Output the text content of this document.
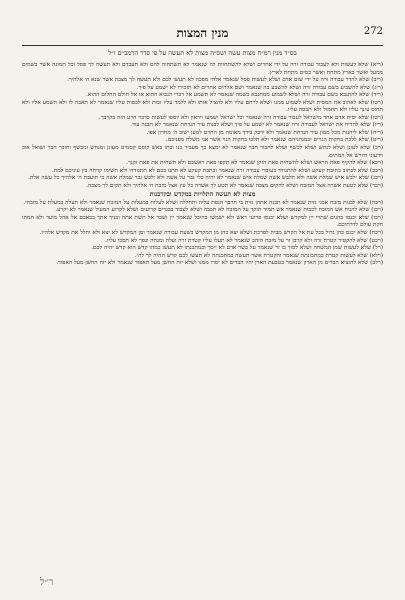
272
מנין המצות
בס״ד מנין רמ״ח מצות עשה ושס״ה מצות לא תעשה על פי סדר הרמב״ם ז״ל

(ריא) שלא לעשות ולא לעבוד עבודה זרה על ידי אחרים ושלא להשתחוות לה שנאמר לא תשתחוה להם ולא תעבדם ולא תעשה לך פסל וכל תמונה אשר בשמים ממעל ואשר בארץ מתחת ואשר במים מתחת לארץ.

(ריב) שלא להדר עבודה זרה על ידי שום אדם ושלא לעשות פסל שנאמר אלהי מסכה לא תעשו לכם ולא תעשה לך מצבה אשר שנא ה׳ אלהיך.

(ריג) שלא להשביע בשם עבודה זרה ושלא להשבע בה שנאמר ושם אלהים אחרים לא תזכירו לא ישמע על פיך.

(ריד) שלא להתנבא בשם עבודה זרה ושלא לשמוע ממתנבא בשמה שנאמר לא תשמע אל דברי הנביא ההוא או אל חולם החלום ההוא.

(רטו) שלא לאהוב את המסית ושלא לשמוע ממנו ושלא לרחם עליו ולא להציל אותו ולא ללמד עליו זכות ולא לכסות עליו שנאמר לא תאבה לו ולא תשמע אליו ולא תחוס עינך עליו ולא תחמול ולא תכסה עליו.

(רטז) שלא יסית אדם אחד מישראל לעבוד עבודה זרה שנאמר וכל ישראל ישמעו ויראון ולא יוספו לעשות כדבר הרע הזה בקרבך.

(ריז) שלא להדיח את ישראל לעבודה זרה שנאמר לא ישמע על פיך ושלא לבנות עיר הנדחת שנאמר לא תבנה עוד.

(ריח) שלא ליהנות מכל ממון עיר הנדחת שנאמר ולא ידבק בידך מאומה מן החרם למען ישוב ה׳ מחרון אפו.

(ריט) שלא ללכת בחקות הגויים ובמנהגיהם שנאמר ולא תלכו בחקות הגוי אשר אני משלח מפניכם.

(רכ) שלא לעונן ושלא לנחש ושלא לכשף ושלא לחבור חבר שנאמר לא ימצא בך מעביר בנו ובתו באש קוסם קסמים מעונן ומנחש ומכשף וחובר חבר ושואל אוב וידעוני ודורש אל המתים.

(רכא) שלא להקיף פאת הראש ושלא להשחית פאת הזקן שנאמר לא תקפו פאת ראשכם ולא תשחית את פאת זקנך.

(רכב) שלא לכתוב כתובת קעקע ושלא להתגודד כעובדי עבודה זרה שנאמר וכתבת קעקע לא תתנו בכם לא תתגודדו ולא תשימו קרחה בין עיניכם למת.

(רכג) שלא ילבש איש שמלת אשה ולא תלבש אשה שמלת איש שנאמר לא יהיה כלי גבר על אשה ולא ילבש גבר שמלת אשה כי תועבת ה׳ אלהיך כל עשה אלה.

(רכד) שלא לטעת אשרה אצל המזבח ושלא להקים מצבה שנאמר לא תטע לך אשרה כל עץ אצל מזבח ה׳ אלהיך ולא תקים לך מצבה.

מצות לא תעשה התלויות במקדש ובקרבנות

(רכה) שלא לבנות מזבח אבני גזית שנאמר לא תבנה אתהן גזית כי חרבך הנפת עליה ותחללה ושלא לעלות במעלות על המזבח שנאמר ולא תעלה במעלת על מזבחי.

(רכו) שלא להניח אש המזבח לכבות שנאמר אש תמיד תוקד על המזבח לא תכבה ושלא לעבוד בבגדים קרועים ושלא לקרוע המעיל שנאמר לא יקרע.

(רכז) שלא יכנסו כהנים שתויי יין למקדש ושלא יכנסו פרועי ראש ולא ישמשו בהיכל שנאמר יין ושכר אל תשת אתה ובניך אתך בבאכם אל אהל מועד ולא תמתו חקת עולם לדרתיכם.

(רכח) שלא יכנס כהן גדול בכל עת אל הקדש מבית לפרכת ושלא יצא כהן מן המקדש בשעת עבודה שנאמר ומן המקדש לא יצא ולא יחלל את מקדש אלהיו.

(רכט) שלא להקטיר קטרת זרה ולא קרבן זר על מזבח הזהב שנאמר לא תעלו עליו קטרת זרה ועלה ומנחה ונסך לא תסכו עליו.

(רל) שלא לעשות שמן המשחה ושלא לסוך בו זר שנאמר על בשר אדם לא ייסך ובמתכנתו לא תעשו כמהו קדש הוא קדש יהיה לכם.

(רלא) שלא לעשות קטרת כמתכונתה שנאמר והקטרת אשר תעשה במתכנתה לא תעשו לכם קדש תהיה לך לה׳.

(רלב) שלא להוציא הבדים מן הארון שנאמר בטבעת הארן יהיו הבדים לא יסרו ממנו ושלא יזח החשן מעל האפוד שנאמר ולא יזח החשן מעל האפוד.

ר״ל
